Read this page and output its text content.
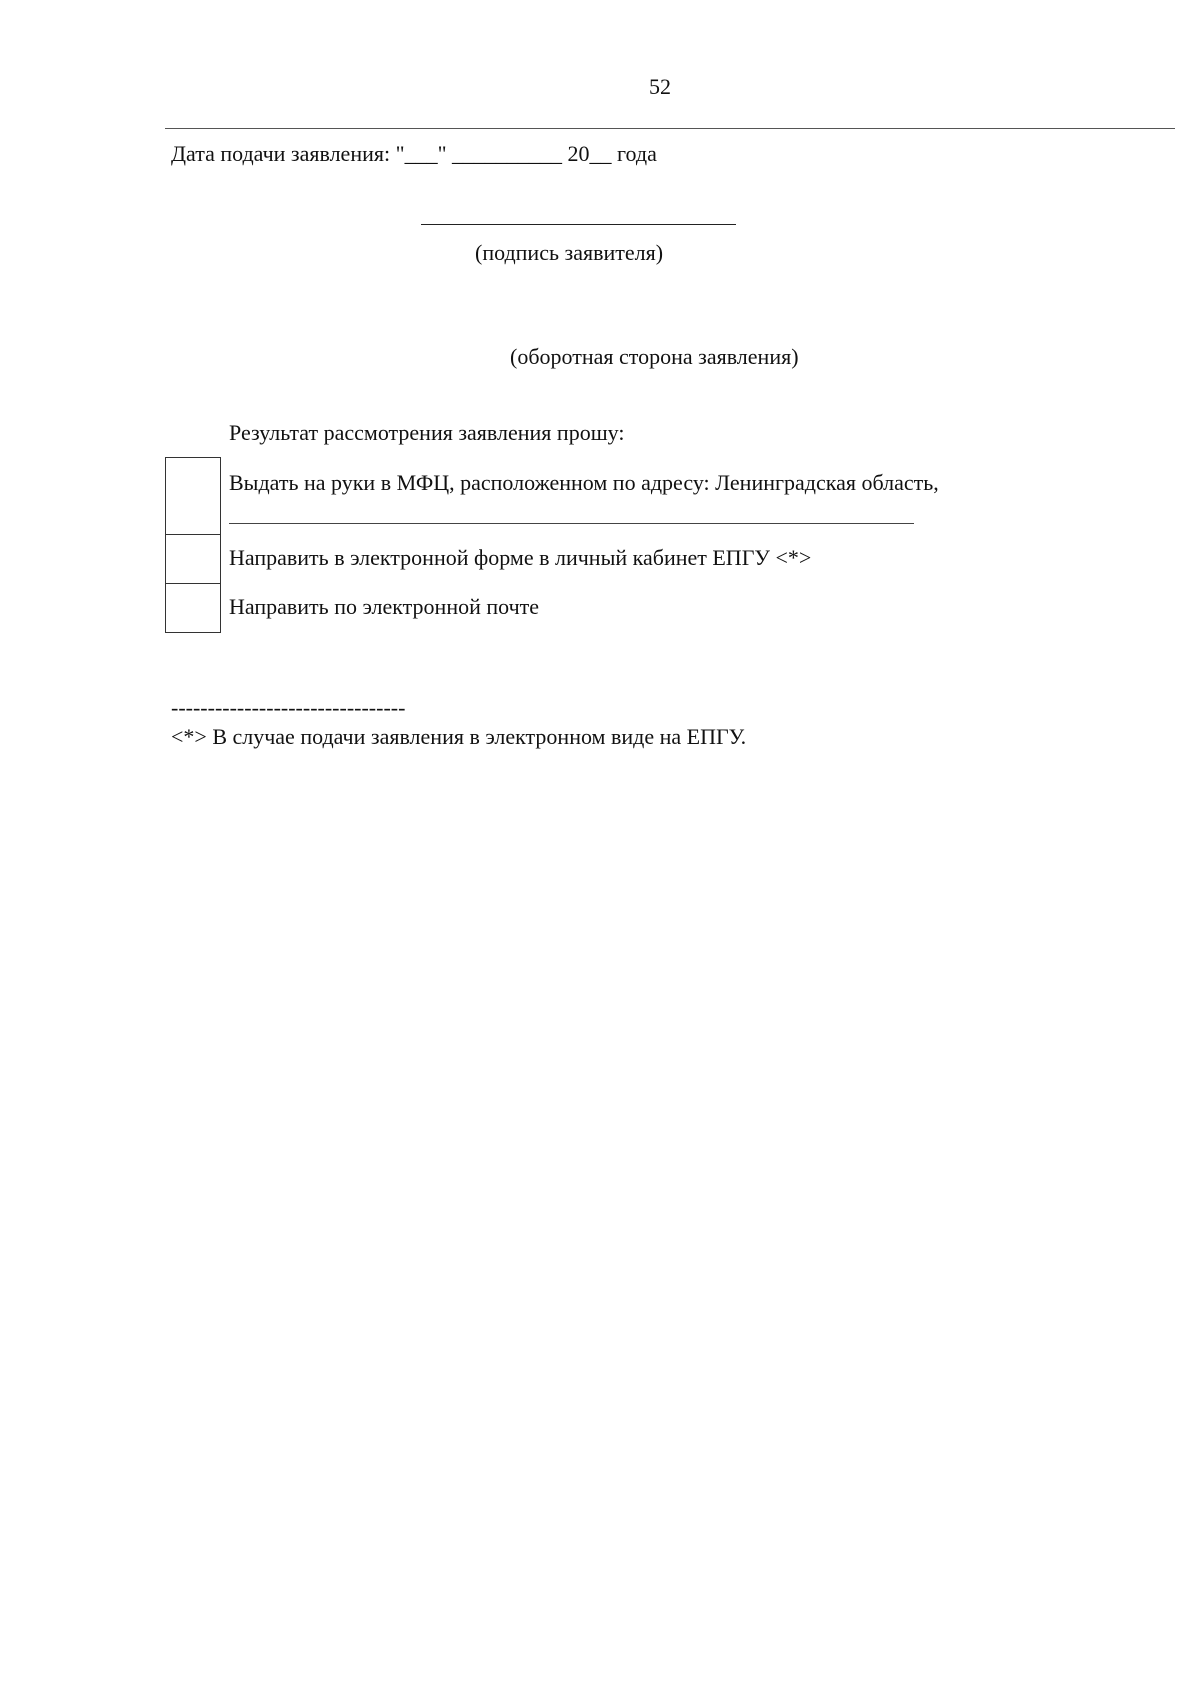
52
Дата подачи заявления: "___" __________ 20__ года
(подпись заявителя)
(оборотная сторона заявления)
Результат рассмотрения заявления прошу:
Выдать на руки в МФЦ, расположенном по адресу: Ленинградская область,
Направить в электронной форме в личный кабинет ЕПГУ <*>
Направить по электронной почте
--------------------------------
<*> В случае подачи заявления в электронном виде на ЕПГУ.
